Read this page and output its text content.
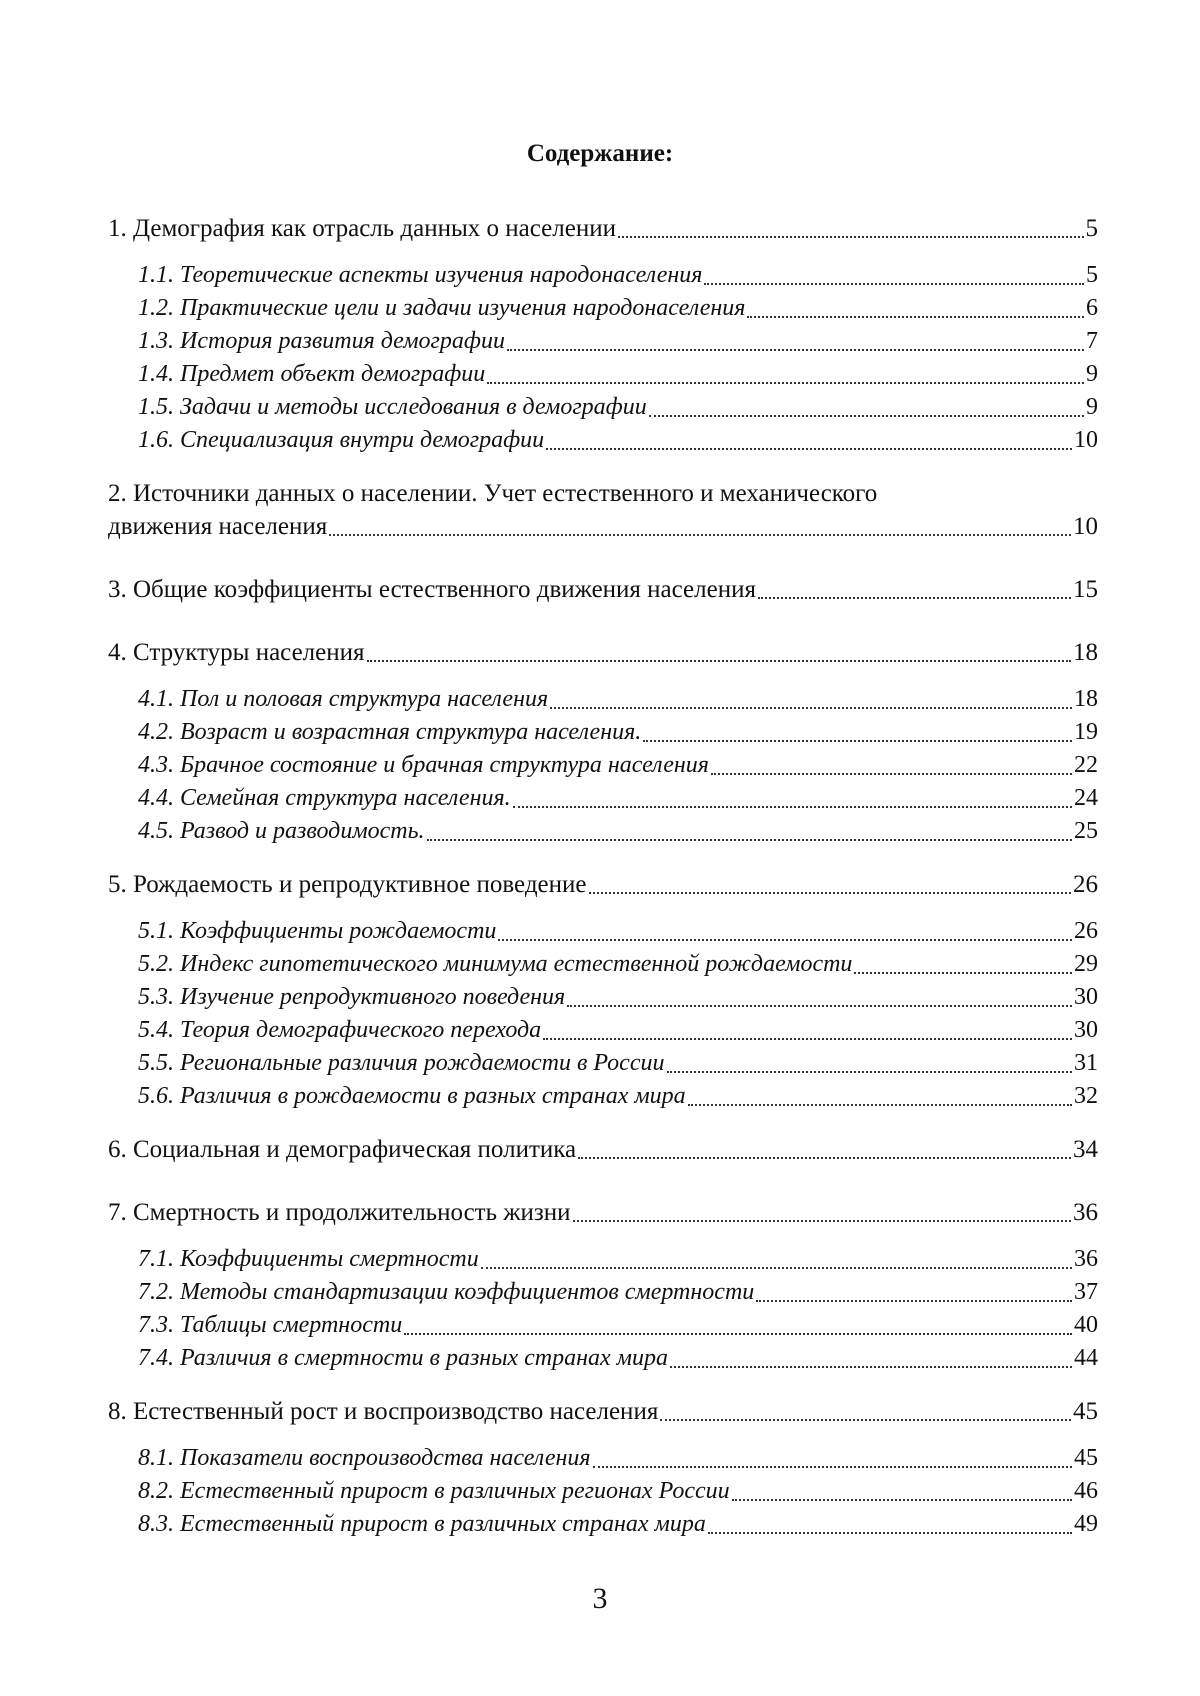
Содержание:
1. Демография как отрасль данных о населении	5
1.1. Теоретические аспекты изучения народонаселения	5
1.2. Практические цели и задачи изучения народонаселения	6
1.3. История развития демографии	7
1.4. Предмет объект демографии	9
1.5. Задачи и методы исследования в демографии	9
1.6. Специализация внутри демографии	10
2. Источники данных о населении. Учет естественного и механического
движения населения	10
3. Общие коэффициенты естественного движения населения	15
4. Структуры населения	18
4.1. Пол и половая структура населения	18
4.2. Возраст и возрастная структура населения.	19
4.3. Брачное состояние и брачная структура населения	22
4.4. Семейная структура населения.	24
4.5. Развод и разводимость.	25
5. Рождаемость и репродуктивное поведение	26
5.1. Коэффициенты рождаемости	26
5.2. Индекс гипотетического минимума естественной рождаемости	29
5.3. Изучение репродуктивного поведения	30
5.4. Теория демографического перехода	30
5.5. Региональные различия рождаемости в России	31
5.6. Различия в рождаемости в разных странах мира	32
6. Социальная и демографическая политика	34
7. Смертность и продолжительность жизни	36
7.1. Коэффициенты смертности	36
7.2. Методы стандартизации коэффициентов смертности	37
7.3. Таблицы смертности	40
7.4. Различия в смертности в разных странах мира	44
8. Естественный рост и воспроизводство населения	45
8.1. Показатели воспроизводства населения	45
8.2. Естественный прирост в различных регионах России	46
8.3. Естественный прирост в различных странах мира	49
3
